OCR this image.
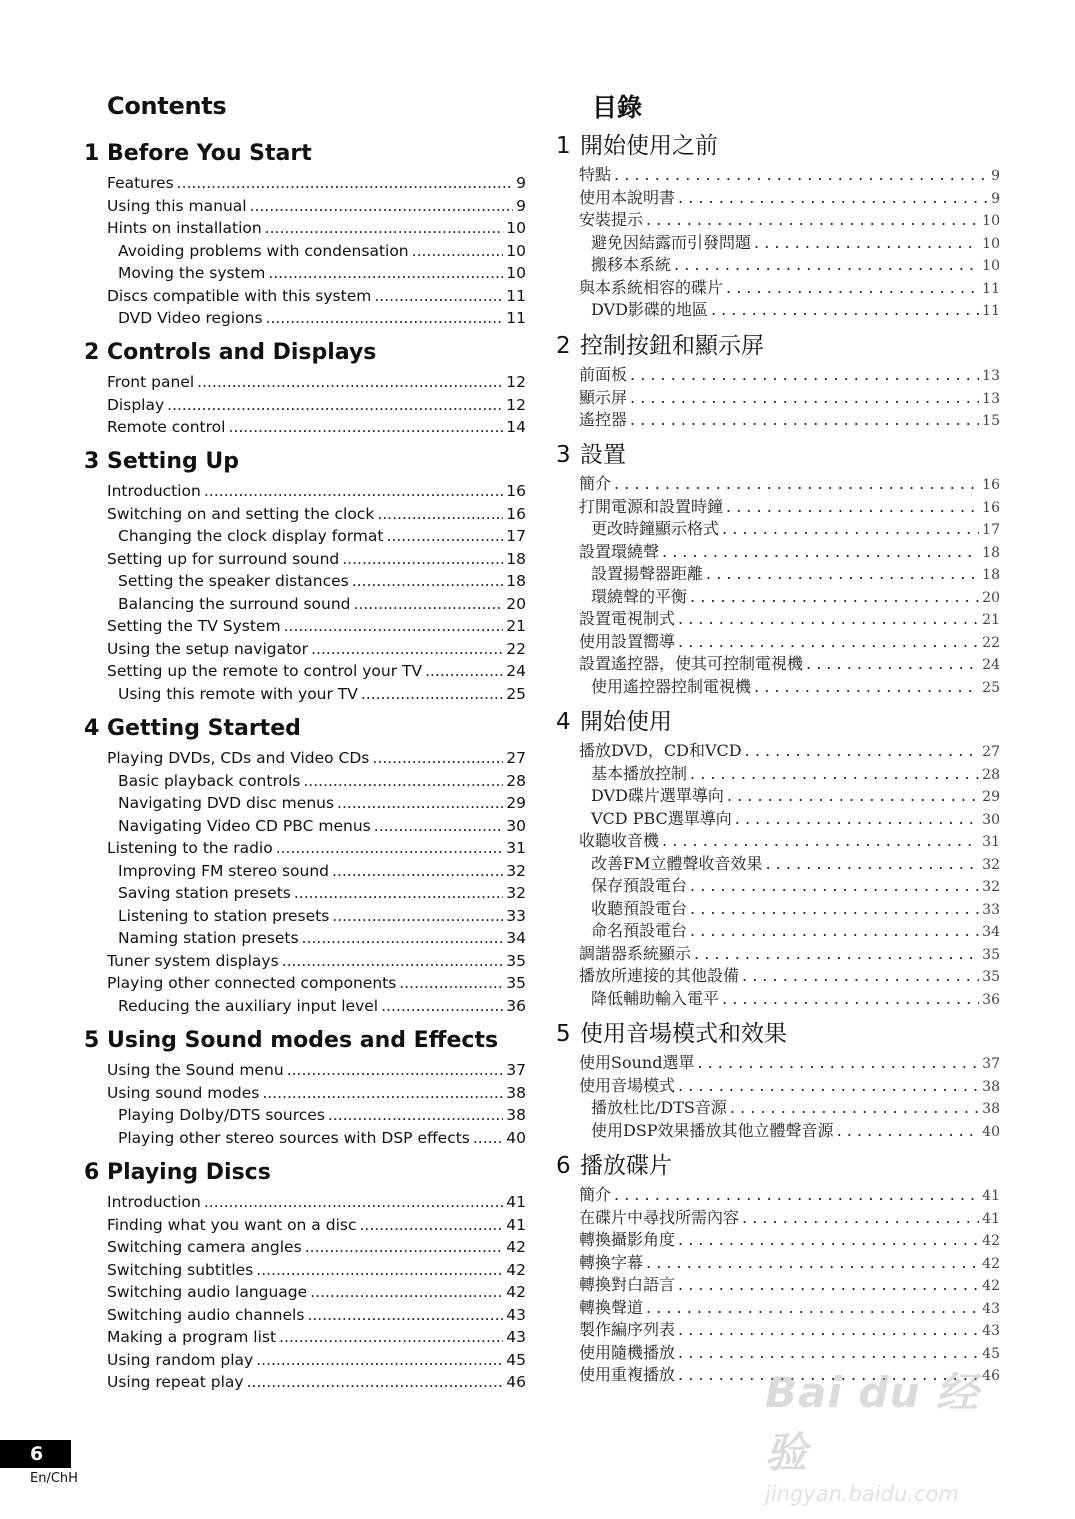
Contents
1 Before You Start
Features .....	9
Using this manual .....	9
Hints on installation .....	10
Avoiding problems with condensation .....	10
Moving the system .....	10
Discs compatible with this system .....	11
DVD Video regions .....	11
2 Controls and Displays
Front panel .....	12
Display .....	12
Remote control .....	14
3 Setting Up
Introduction .....	16
Switching on and setting the clock .....	16
Changing the clock display format .....	17
Setting up for surround sound .....	18
Setting the speaker distances .....	18
Balancing the surround sound .....	20
Setting the TV System .....	21
Using the setup navigator .....	22
Setting up the remote to control your TV .....	24
Using this remote with your TV .....	25
4 Getting Started
Playing DVDs, CDs and Video CDs .....	27
Basic playback controls .....	28
Navigating DVD disc menus .....	29
Navigating Video CD PBC menus .....	30
Listening to the radio .....	31
Improving FM stereo sound .....	32
Saving station presets .....	32
Listening to station presets .....	33
Naming station presets .....	34
Tuner system displays .....	35
Playing other connected components .....	35
Reducing the auxiliary input level .....	36
5 Using Sound modes and Effects
Using the Sound menu .....	37
Using sound modes .....	38
Playing Dolby/DTS sources .....	38
Playing other stereo sources with DSP effects ..... 40
6 Playing Discs
Introduction .....	41
Finding what you want on a disc .....	41
Switching camera angles .....	42
Switching subtitles .....	42
Switching audio language .....	42
Switching audio channels .....	43
Making a program list .....	43
Using random play .....	45
Using repeat play .....	46
目錄
1 開始使用之前
特點 . . .	9
使用本說明書 . . .	9
安裝提示 . . .	10
避免因結露而引發問題 . . .	10
搬移本系統 . . .	10
與本系統相容的碟片 . . .	11
DVD影碟的地區 . . .	11
2 控制按鈕和顯示屏
前面板 . . .	13
顯示屏 . . .	13
遙控器 . . .	15
3 設置
簡介 . . .	16
打開電源和設置時鐘 . . .	16
更改時鐘顯示格式 . . .	17
設置環繞聲 . . .	18
設置揚聲器距離 . . .	18
環繞聲的平衡 . . .	20
設置電視制式 . . .	21
使用設置嚮導 . . .	22
設置遙控器，使其可控制電視機 . . .	24
使用遙控器控制電視機 . . .	25
4 開始使用
播放DVD，CD和VCD . . .	27
基本播放控制 . . .	28
DVD碟片選單導向 . . .	29
VCD PBC選單導向 . . .	30
收聽收音機 . . .	31
改善FM立體聲收音效果 . . .	32
保存預設電台 . . .	32
收聽預設電台 . . .	33
命名預設電台 . . .	34
調諧器系統顯示 . . .	35
播放所連接的其他設備 . . .	35
降低輔助輸入電平 . . .	36
5 使用音場模式和效果
使用Sound選單 . . .	37
使用音場模式 . . .	38
播放杜比/DTS音源 . . .	38
使用DSP效果播放其他立體聲音源 . . .	40
6 播放碟片
簡介 . . .	41
在碟片中尋找所需內容 . . .	41
轉換攝影角度 . . .	42
轉換字幕 . . .	42
轉換對白語言 . . .	42
轉換聲道 . . .	43
製作編序列表 . . .	43
使用隨機播放 . . .	45
使用重複播放 . . .	46
6
En/ChH
Bai du 经验
jingyan.baidu.com
